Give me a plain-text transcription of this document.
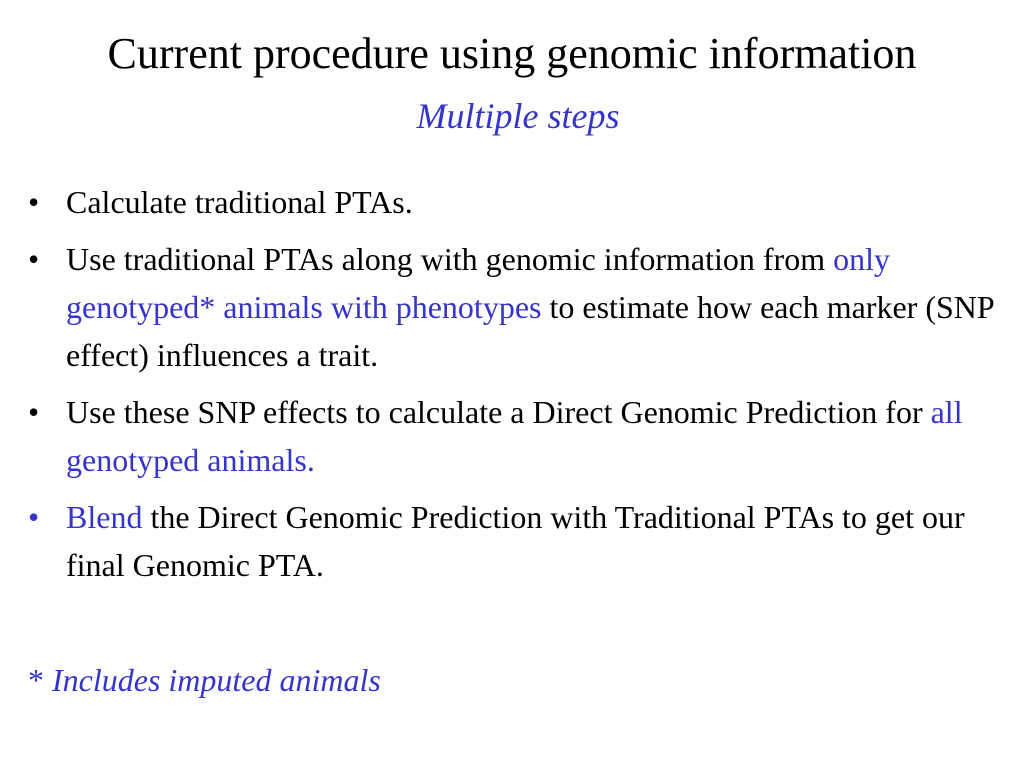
Current procedure using genomic information

Multiple steps

• Calculate traditional PTAs.
• Use traditional PTAs along with genomic information from only genotyped* animals with phenotypes to estimate how each marker (SNP effect) influences a trait.
• Use these SNP effects to calculate a Direct Genomic Prediction for all genotyped animals.
• Blend the Direct Genomic Prediction with Traditional PTAs to get our final Genomic PTA.

* Includes imputed animals
